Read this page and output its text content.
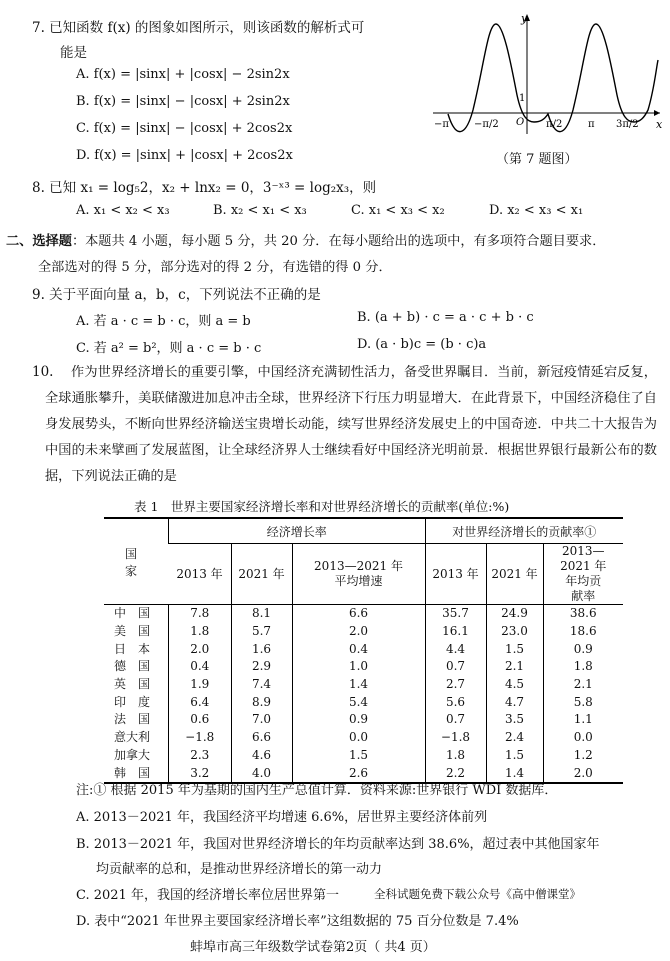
7. 已知函数 f(x) 的图象如图所示，则该函数的解析式可
能是
A. f(x) = |sinx| + |cosx| − 2sin2x
B. f(x) = |sinx| − |cosx| + 2sin2x
C. f(x) = |sinx| − |cosx| + 2cos2x
D. f(x) = |sinx| + |cosx| + 2cos2x
y
x
O
1
−π	−π/2	π/2	π 3π/2
（第 7 题图）
8. 已知 x₁ = log₅2，x₂ + lnx₂ = 0，3⁻ˣ³ = log₂x₃，则
A. x₁ < x₂ < x₃	B. x₂ < x₁ < x₃	C. x₁ < x₃ < x₂	D. x₂ < x₃ < x₁
二、选择题：本题共 4 小题，每小题 5 分，共 20 分．在每小题给出的选项中，有多项符合题目要求．
全部选对的得 5 分，部分选对的得 2 分，有选错的得 0 分．
9. 关于平面向量 a，b，c，下列说法不正确的是
A. 若 a · c = b · c，则 a = b	B. (a + b) · c = a · c + b · c
C. 若 a² = b²，则 a · c = b · c	D. (a · b)c = (b · c)a
10.	作为世界经济增长的重要引擎，中国经济充满韧性活力，备受世界瞩目．当前，新冠疫情延宕反复，全球通胀攀升，美联储激进加息冲击全球，世界经济下行压力明显增大．在此背景下，中国经济稳住了自身发展势头，不断向世界经济输送宝贵增长动能，续写世界经济发展史上的中国奇迹．中共二十大报告为中国的未来擘画了发展蓝图，让全球经济界人士继续看好中国经济光明前景．根据世界银行最新公布的数据，下列说法正确的是
表 1　世界主要国家经济增长率和对世界经济增长的贡献率(单位:%)
国　家	经济增长率			对世界经济增长的贡献率①		
	2013 年	2021 年	2013—2021 年 平均增速	2013 年	2021 年	2013—2021 年 年均贡献率
中国	7.8	8.1	6.6	35.7	24.9	38.6
美国	1.8	5.7	2.0	16.1	23.0	18.6
日本	2.0	1.6	0.4	4.4	1.5	0.9
德国	0.4	2.9	1.0	0.7	2.1	1.8
英国	1.9	7.4	1.4	2.7	4.5	2.1
印度	6.4	8.9	5.4	5.6	4.7	5.8
法国	0.6	7.0	0.9	0.7	3.5	1.1
意大利	−1.8	6.6	0.0	−1.8	2.4	0.0
加拿大	2.3	4.6	1.5	1.8	1.5	1.2
韩国	3.2	4.0	2.6	2.2	1.4	2.0
注:① 根据 2015 年为基期的国内生产总值计算．资料来源:世界银行 WDI 数据库．
A. 2013－2021 年，我国经济平均增速 6.6%，居世界主要经济体前列
B. 2013－2021 年，我国对世界经济增长的年均贡献率达到 38.6%，超过表中其他国家年
均贡献率的总和，是推动世界经济增长的第一动力
C. 2021 年，我国的经济增长率位居世界第一	全科试题免费下载公众号《高中僧课堂》
D. 表中“2021 年世界主要国家经济增长率”这组数据的 75 百分位数是 7.4%
蚌埠市高三年级数学试卷第2页（ 共4 页）
